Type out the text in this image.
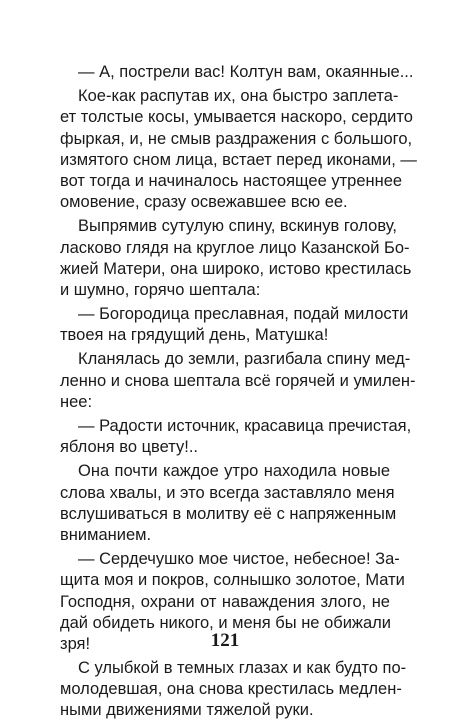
— А, пострели вас! Колтун вам, окаянные...
Кое-как распутав их, она быстро заплета-
ет толстые косы, умывается наскоро, сердито
фыркая, и, не смыв раздражения с большого,
измятого сном лица, встает перед иконами, —
вот тогда и начиналось настоящее утреннее
омовение, сразу освежавшее всю ее.
Выпрямив сутулую спину, вскинув голову,
ласково глядя на круглое лицо Казанской Бо-
жией Матери, она широко, истово крестилась
и шумно, горячо шептала:
— Богородица преславная, подай милости
твоея на грядущий день, Матушка!
Кланялась до земли, разгибала спину мед-
ленно и снова шептала всё горячей и умилен-
нее:
— Радости источник, красавица пречистая,
яблоня во цвету!..
Она почти каждое утро находила новые
слова хвалы, и это всегда заставляло меня
вслушиваться в молитву её с напряженным
вниманием.
— Сердечушко мое чистое, небесное! За-
щита моя и покров, солнышко золотое, Мати
Господня, охрани от наваждения злого, не
дай обидеть никого, и меня бы не обижали
зря!
С улыбкой в темных глазах и как будто по-
молодевшая, она снова крестилась медлен-
ными движениями тяжелой руки.
121
